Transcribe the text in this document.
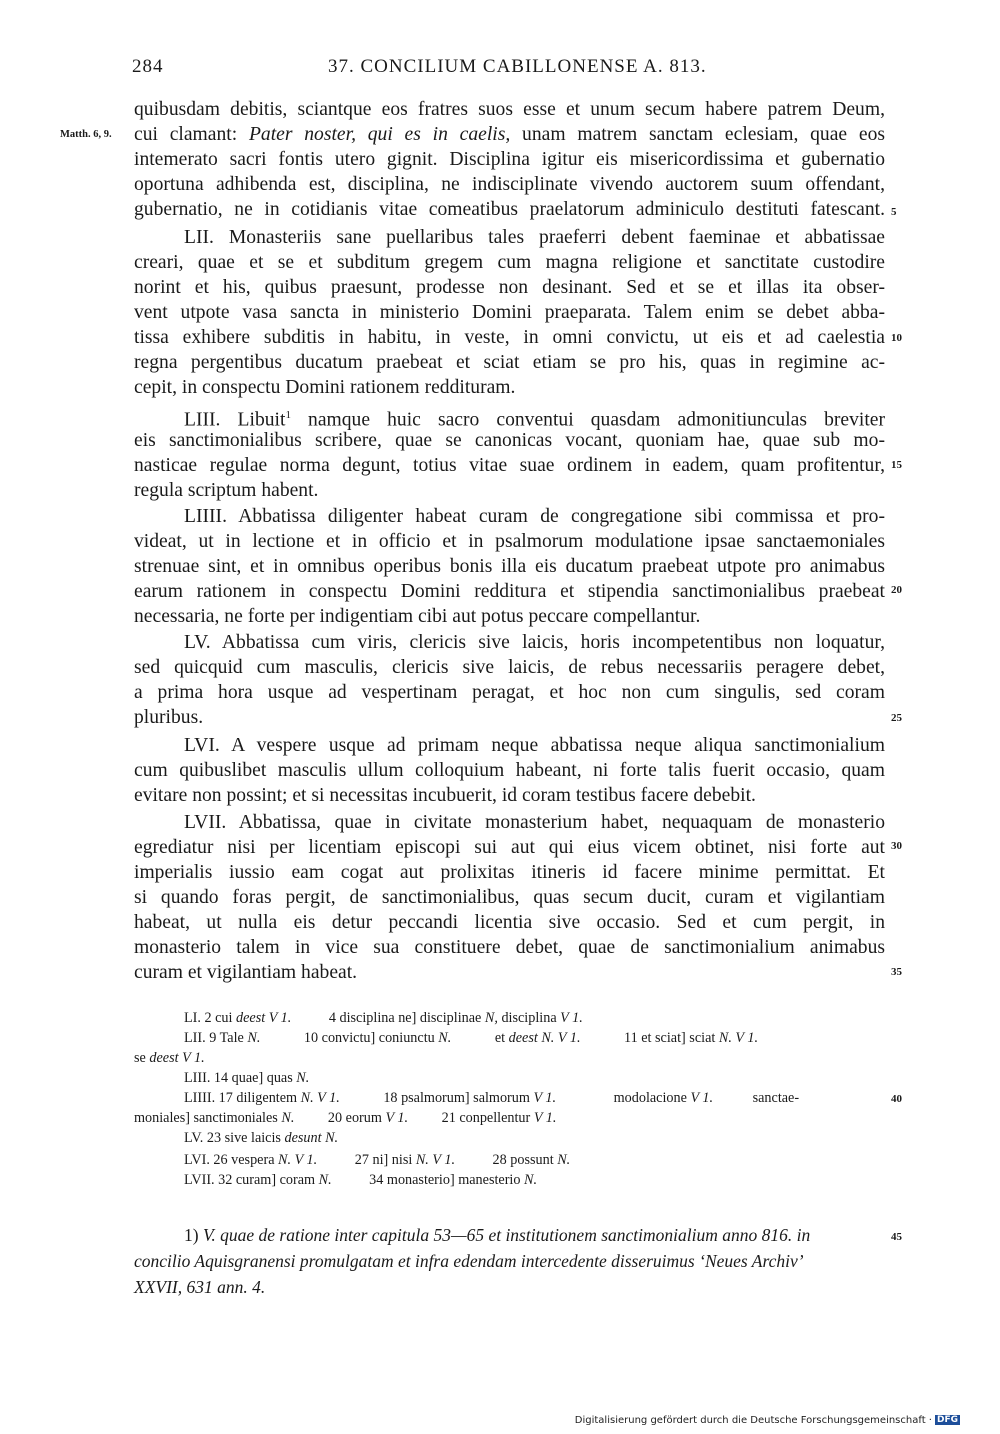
284	37. CONCILIUM CABILLONENSE A. 813.
quibusdam debitis, sciantque eos fratres suos esse et unum secum habere patrem Deum,
Matth. 6, 9. cui clamant: Pater noster, qui es in caelis, unam matrem sanctam eclesiam, quae eos
intemerato sacri fontis utero gignit. Disciplina igitur eis misericordissima et gubernatio
oportuna adhibenda est, disciplina, ne indisciplinate vivendo auctorem suum offendant,
gubernatio, ne in cotidianis vitae comeatibus praelatorum adminiculo destituti fatescant. 5
LII. Monasteriis sane puellaribus tales praeferri debent faeminae et abbatissae
creari, quae et se et subditum gregem cum magna religione et sanctitate custodire
norint et his, quibus praesunt, prodesse non desinant. Sed et se et illas ita obser-
vent utpote vasa sancta in ministerio Domini praeparata. Talem enim se debet abba-
tissa exhibere subditis in habitu, in veste, in omni convictu, ut eis et ad caelestia 10
regna pergentibus ducatum praebeat et sciat etiam se pro his, quas in regimine ac-
cepit, in conspectu Domini rationem reddituram.
LIII. Libuit$^1$ namque huic sacro conventui quasdam admonitiunculas breviter
eis sanctimonialibus scribere, quae se canonicas vocant, quoniam hae, quae sub mo-
nasticae regulae norma degunt, totius vitae suae ordinem in eadem, quam profitentur, 15
regula scriptum habent.
LIIII. Abbatissa diligenter habeat curam de congregatione sibi commissa et pro-
videat, ut in lectione et in officio et in psalmorum modulatione ipsae sanctaemoniales
strenuae sint, et in omnibus operibus bonis illa eis ducatum praebeat utpote pro animabus
earum rationem in conspectu Domini reddituга et stipendia sanctimonialibus praebeat 20
necessaria, ne forte per indigentiam cibi aut potus peccare compellantur.
LV. Abbatissa cum viris, clericis sive laicis, horis incompetentibus non loquatur,
sed quicquid cum masculis, clericis sive laicis, de rebus necessariis peragere debet,
a prima hora usque ad vespertinam peragat, et hoc non cum singulis, sed coram
pluribus.	25
LVI. A vespere usque ad primam neque abbatissa neque aliqua sanctimonialium
cum quibuslibet masculis ullum colloquium habeant, ni forte talis fuerit occasio, quam
evitare non possint; et si necessitas incubuerit, id coram testibus facere debebit.
LVII. Abbatissa, quae in civitate monasterium habet, nequaquam de monasterio
egrediatur nisi per licentiam episcopi sui aut qui eius vicem obtinet, nisi forte aut 30
imperialis iussio eam cogat aut prolixitas itineris id facere minime permittat. Et
si quando foras pergit, de sanctimonialibus, quas secum ducit, curam et vigilantiam
habeat, ut nulla eis detur peccandi licentia sive occasio. Sed et cum pergit, in
monasterio talem in vice sua constituere debet, quae de sanctimonialium animabus
curam et vigilantiam habeat.	35
LI. 2 cui deest V 1.	4 disciplina ne] disciplinae N, disciplina V 1.
LII. 9 Tale N.	10 convictu] coniunctu N.	et deest N. V 1.	11 et sciat] sciat N. V 1.
se deest V 1.
LIII. 14 quae] quas N.
LIIII. 17 diligentem N. V 1.	18 psalmorum] salmorum V 1.	modolacione V 1.	sanctae-	40
moniales] sanctimoniales N. 20 eorum V 1. 21 conpellentur V 1.
LV. 23 sive laicis desunt N.
LVI. 26 vespera N. V 1.	27 ni] nisi N. V 1.	28 possunt N.
LVII. 32 curam] coram N.	34 monasterio] manesterio N.
1) V. quae de ratione inter capitula 53—65 et institutionem sanctimonialium anno 816. in	45
concilio Aquisgranensi promulgatam et infra edendam intercedente disseruimus ‘Neues Archiv’
XXVII, 631 ann. 4.
Digitalisierung gefördert durch die Deutsche Forschungsgemeinschaft · DFG
